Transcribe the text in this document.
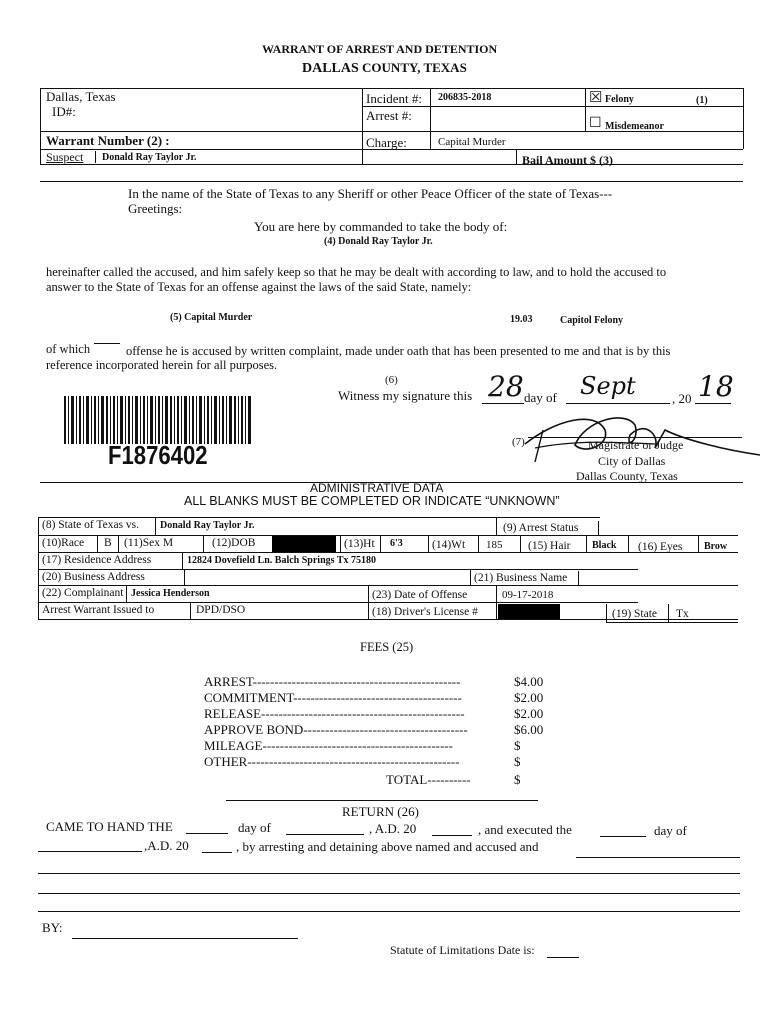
WARRANT OF ARREST AND DETENTION
DALLAS COUNTY, TEXAS
Dallas, Texas
ID#:
Incident #: 206835-2018
Arrest #:
☒ Felony	(1)
☐ Misdemeanor
Warrant Number (2) :	Charge:	Capital Murder
Suspect Donald Ray Taylor Jr.	Bail Amount $ (3)
In the name of the State of Texas to any Sheriff or other Peace Officer of the state of Texas---
Greetings:
You are here by commanded to take the body of:
(4) Donald Ray Taylor Jr.
hereinafter called the accused, and him safely keep so that he may be dealt with according to law, and to hold the accused to
answer to the State of Texas for an offense against the laws of the said State, namely:
(5) Capital Murder	19.03	Capitol Felony
of which	offense he is accused by written complaint, made under oath that has been presented to me and that is by this
reference incorporated herein for all purposes.
(6)
Witness my signature this 28 day of Sept	, 20 18
F1876402	(7)	Magistrate or Judge
City of Dallas
Dallas County, Texas
ADMINISTRATIVE DATA
ALL BLANKS MUST BE COMPLETED OR INDICATE “UNKNOWN”
(8) State of Texas vs. Donald Ray Taylor Jr.	(9) Arrest Status
(10)Race B (11)Sex M	(12)DOB	(13)Ht 6'3	(14)Wt 185 (15) Hair Black (16) Eyes Brow
(17) Residence Address	12824 Dovefield Ln. Balch Springs Tx 75180
(20) Business Address	(21) Business Name
(22) Complainant Jessica Henderson	(23) Date of Offense	09-17-2018
Arrest Warrant Issued to	DPD/DSO	(18) Driver's License #	(19) State Tx
FEES (25)
ARREST------------------------------------------------	$4.00
COMMITMENT---------------------------------------	$2.00
RELEASE-----------------------------------------------	$2.00
APPROVE BOND--------------------------------------	$6.00
MILEAGE--------------------------------------------	$
OTHER-------------------------------------------------	$
TOTAL----------	$
RETURN (26)
CAME TO HAND THE	day of	, A.D. 20	, and executed the	day of
,A.D. 20	, by arresting and detaining above named and accused and
BY:
Statute of Limitations Date is:
